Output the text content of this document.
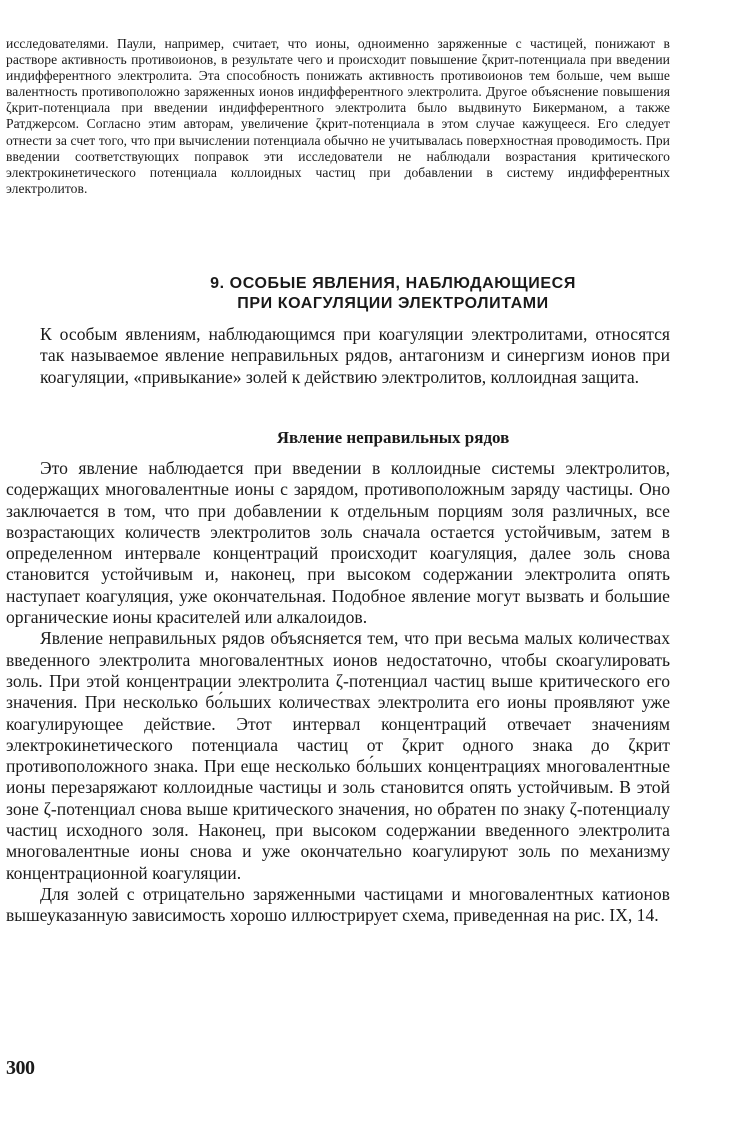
исследователями. Паули, например, считает, что ионы, одноименно заряженные с частицей, понижают в растворе активность противоионов, в результате чего и происходит повышение ζкрит-потенциала при введении индифферентного электролита. Эта способность понижать активность противоионов тем больше, чем выше валентность противоположно заряженных ионов индифферентного электролита. Другое объяснение повышения ζкрит-потенциала при введении индифферентного электролита было выдвинуто Бикерманом, а также Ратджерсом. Согласно этим авторам, увеличение ζкрит-потенциала в этом случае кажущееся. Его следует отнести за счет того, что при вычислении потенциала обычно не учитывалась поверхностная проводимость. При введении соответствующих поправок эти исследователи не наблюдали возрастания критического электрокинетического потенциала коллоидных частиц при добавлении в систему индифферентных электролитов.
9. ОСОБЫЕ ЯВЛЕНИЯ, НАБЛЮДАЮЩИЕСЯ
ПРИ КОАГУЛЯЦИИ ЭЛЕКТРОЛИТАМИ
К особым явлениям, наблюдающимся при коагуляции электролитами, относятся так называемое явление неправильных рядов, антагонизм и синергизм ионов при коагуляции, «привыкание» золей к действию электролитов, коллоидная защита.
Явление неправильных рядов

Это явление наблюдается при введении в коллоидные системы электролитов, содержащих многовалентные ионы с зарядом, противоположным заряду частицы. Оно заключается в том, что при добавлении к отдельным порциям золя различных, все возрастающих количеств электролитов золь сначала остается устойчивым, затем в определенном интервале концентраций происходит коагуляция, далее золь снова становится устойчивым и, наконец, при высоком содержании электролита опять наступает коагуляция, уже окончательная. Подобное явление могут вызвать и большие органические ионы красителей или алкалоидов.

Явление неправильных рядов объясняется тем, что при весьма малых количествах введенного электролита многовалентных ионов недостаточно, чтобы скоагулировать золь. При этой концентрации электролита ζ-потенциал частиц выше критического его значения. При несколько бо́льших количествах электролита его ионы проявляют уже коагулирующее действие. Этот интервал концентраций отвечает значениям электрокинетического потенциала частиц от ζкрит одного знака до ζкрит противоположного знака. При еще несколько бо́льших концентрациях многовалентные ионы перезаряжают коллоидные частицы и золь становится опять устойчивым. В этой зоне ζ-потенциал снова выше критического значения, но обратен по знаку ζ-потенциалу частиц исходного золя. Наконец, при высоком содержании введенного электролита многовалентные ионы снова и уже окончательно коагулируют золь по механизму концентрационной коагуляции.

Для золей с отрицательно заряженными частицами и многовалентных катионов вышеуказанную зависимость хорошо иллюстрирует схема, приведенная на рис. IX, 14.

300
